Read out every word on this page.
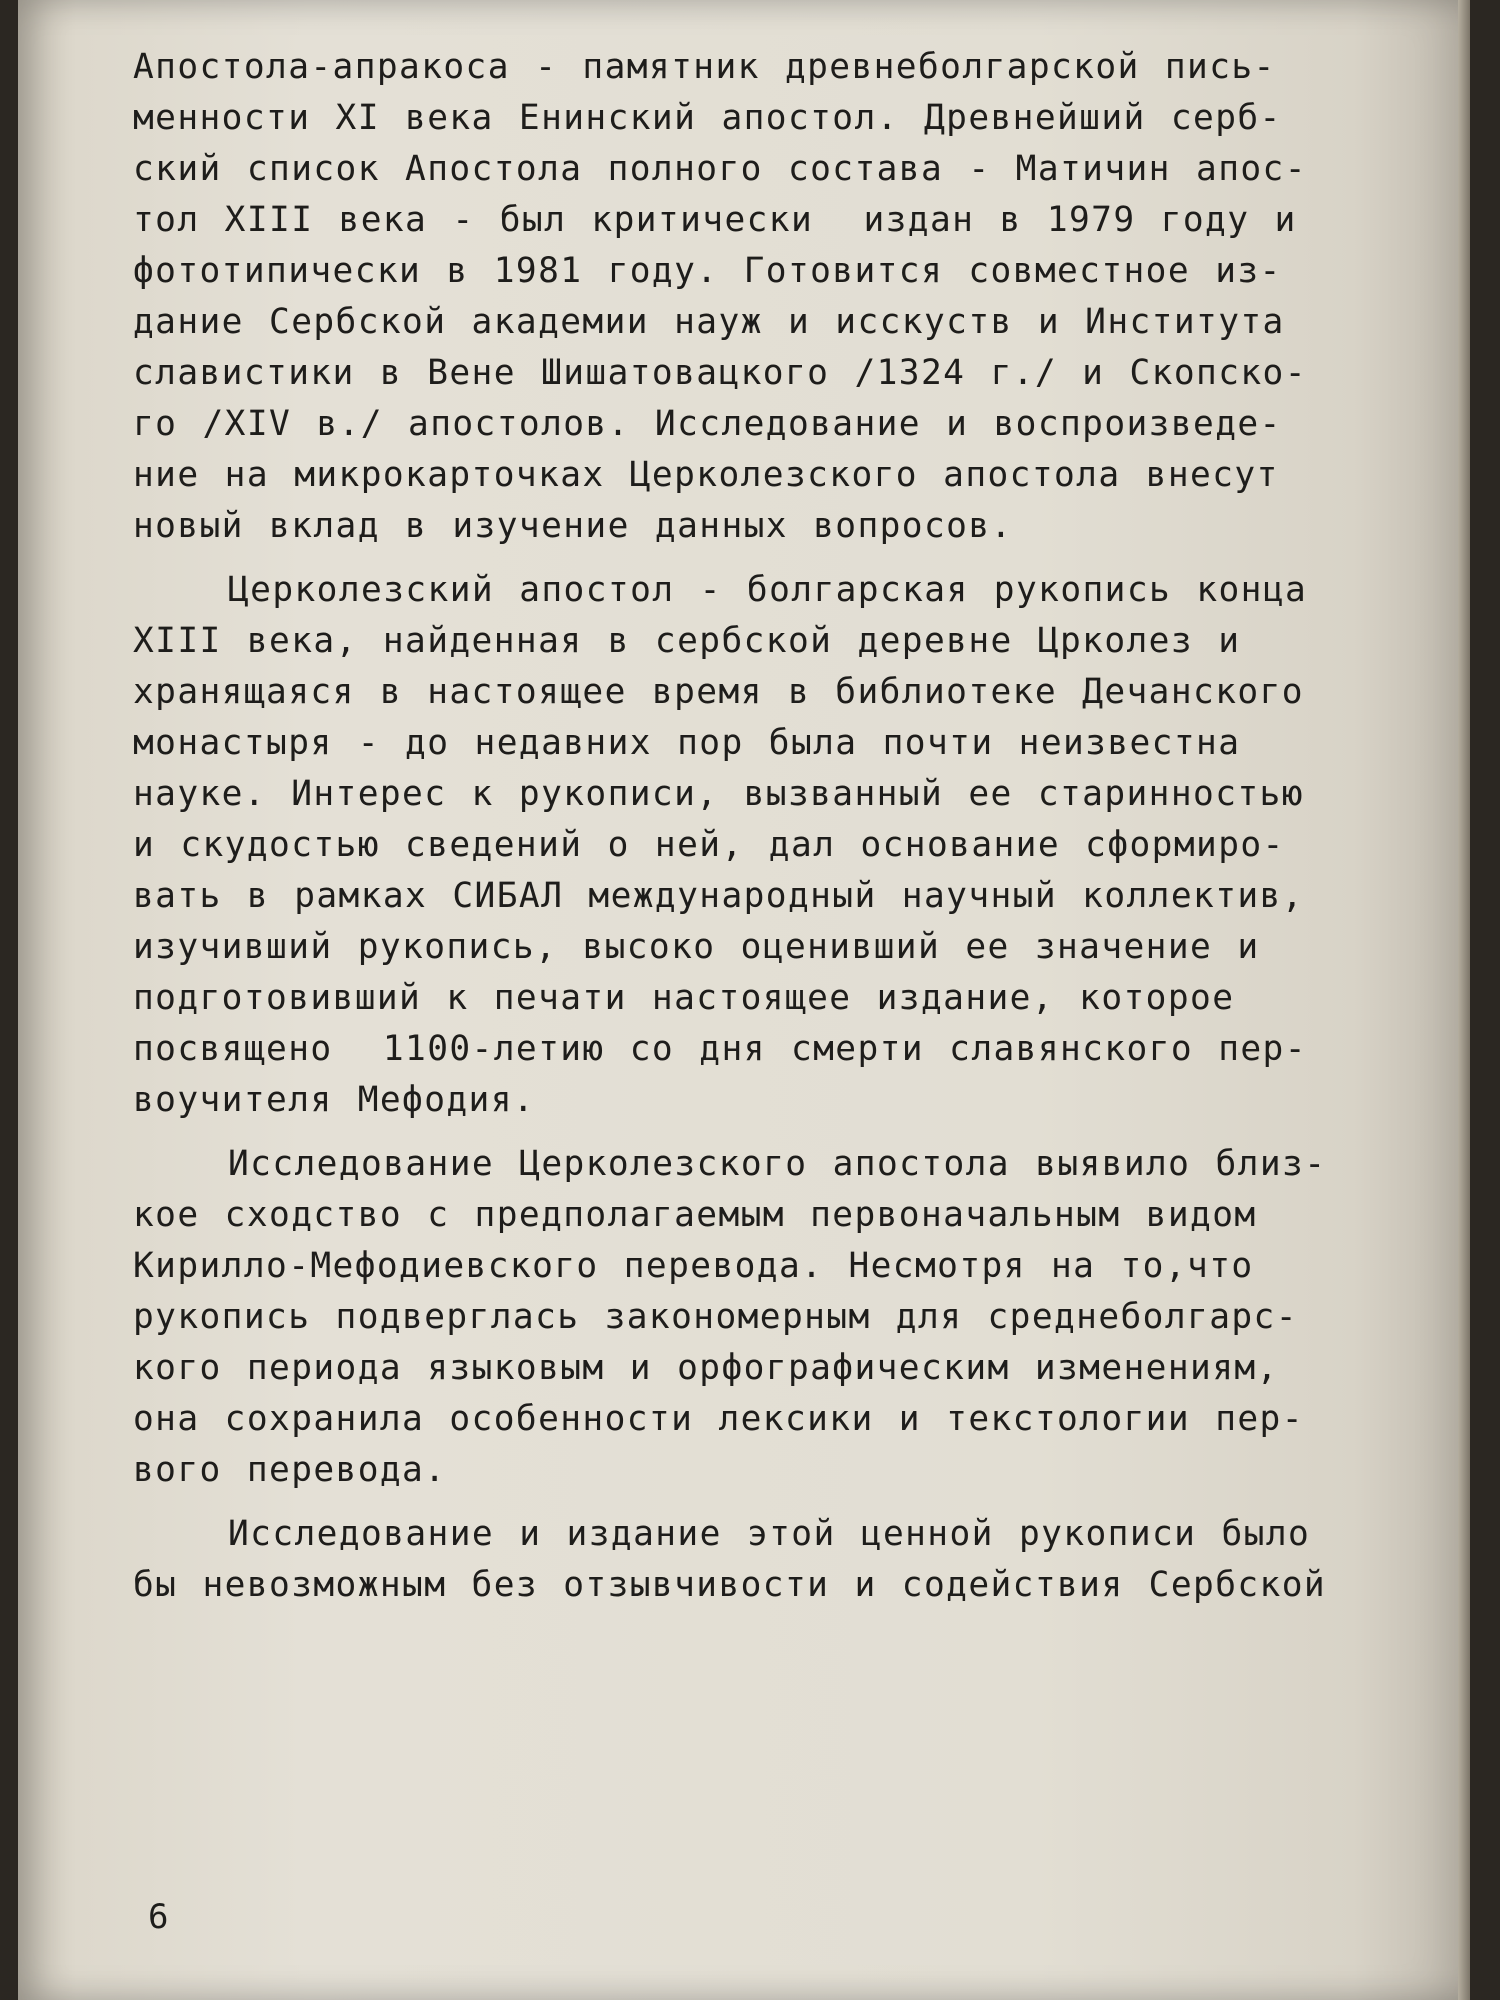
Апостола-апракоса - памятник древнеболгарской пись-
менности XI века Енинский апостол. Древнейший серб-
ский список Апостола полного состава - Матичин апос-
тол XIII века - был критически  издан в 1979 году и
фототипически в 1981 году. Готовится совместное из-
дание Сербской академии науж и исскуств и Института
славистики в Вене Шишатовацкого /1324 г./ и Скопско-
го /XIV в./ апостолов. Исследование и воспроизведе-
ние на микрокарточках Церколезского апостола внесут
новый вклад в изучение данных вопросов.
Церколезский апостол - болгарская рукопись конца
XIII века, найденная в сербской деревне Црколез и
хранящаяся в настоящее время в библиотеке Дечанского
монастыря - до недавних пор была почти неизвестна
науке. Интерес к рукописи, вызванный ее старинностью
и скудостью сведений о ней, дал основание сформиро-
вать в рамках СИБАЛ международный научный коллектив,
изучивший рукопись, высоко оценивший ее значение и
подготовивший к печати настоящее издание, которое
посвящено  1100-летию со дня смерти славянского пер-
воучителя Мефодия.
Исследование Церколезского апостола выявило близ-
кое сходство с предполагаемым первоначальным видом
Кирилло-Мефодиевского перевода. Несмотря на то,что
рукопись подверглась закономерным для среднеболгарс-
кого периода языковым и орфографическим изменениям,
она сохранила особенности лексики и текстологии пер-
вого перевода.
Исследование и издание этой ценной рукописи было
бы невозможным без отзывчивости и содействия Сербской
6
